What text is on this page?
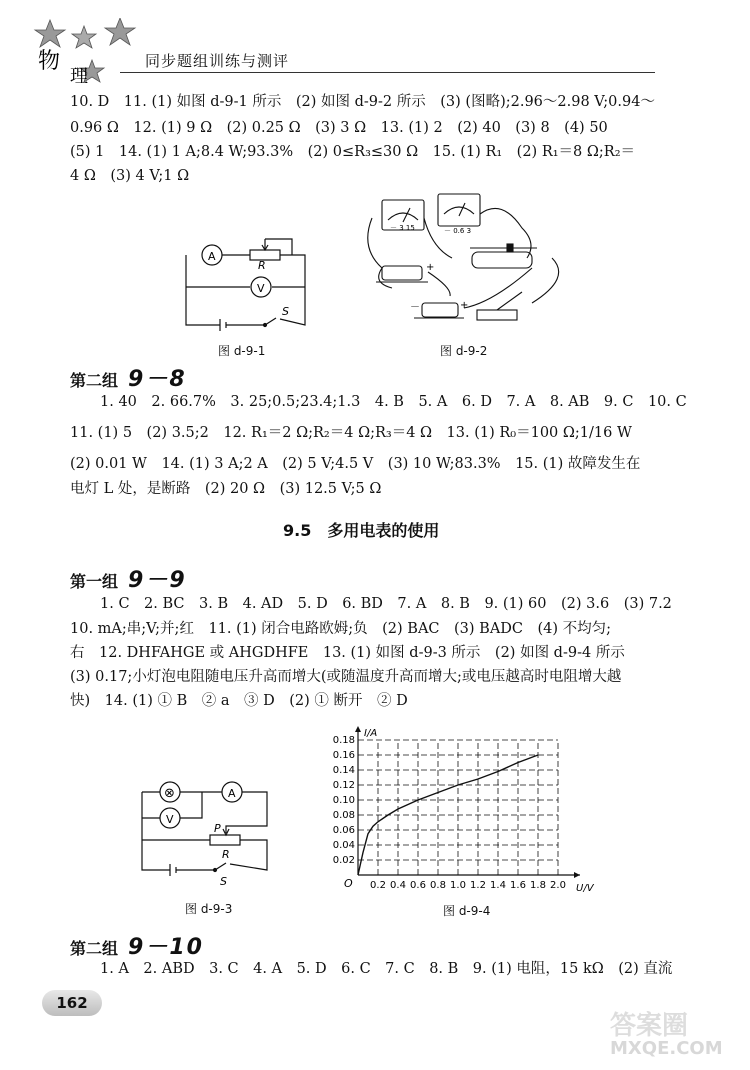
物
理
同步题组训练与测评
10. D　11. (1) 如图 d-9-1 所示　(2) 如图 d-9-2 所示　(3) (图略);2.96～2.98 V;0.94～
0.96 Ω　12. (1) 9 Ω　(2) 0.25 Ω　(3) 3 Ω　13. (1) 2　(2) 40　(3) 8　(4) 50
(5) 1　14. (1) 1 A;8.4 W;93.3%　(2) 0≤R₃≤30 Ω　15. (1) R₁　(2) R₁＝8 Ω;R₂＝
4 Ω　(3) 4 V;1 Ω
A
V
R
S
图 d-9-1
－ 3 15	－ 0.6 3
+
+
－
图 d-9-2
第二组 9－8
1. 40　2. 66.7%　3. 25;0.5;23.4;1.3　4. B　5. A　6. D　7. A　8. AB　9. C　10. C
11. (1) 5　(2) 3.5;2　12. R₁＝2 Ω;R₂＝4 Ω;R₃＝4 Ω　13. (1) R₀＝100 Ω;1/16 W
(2) 0.01 W　14. (1) 3 A;2 A　(2) 5 V;4.5 V　(3) 10 W;83.3%　15. (1) 故障发生在
电灯 L 处，是断路　(2) 20 Ω　(3) 12.5 V;5 Ω
9.5　多用电表的使用
第一组 9－9
1. C　2. BC　3. B　4. AD　5. D　6. BD　7. A　8. B　9. (1) 60　(2) 3.6　(3) 7.2
10. mA;串;V;并;红　11. (1) 闭合电路欧姆;负　(2) BAC　(3) BADC　(4) 不均匀;
右　12. DHFAHGE 或 AHGDHFE　13. (1) 如图 d-9-3 所示　(2) 如图 d-9-4 所示
(3) 0.17;小灯泡电阻随电压升高而增大(或随温度升高而增大;或电压越高时电阻增大越
快)　14. (1) ① B　② a　③ D　(2) ① 断开　② D
⊗	A
V
P
R
S
图 d-9-3
0.2 0.4 0.6 0.8 1.0 1.2 1.4 1.6 1.8 2.0
0.02
0.04
0.06
0.08
0.10
0.12
0.14
0.16
0.18
O	U/V
I/A
图 d-9-4
第二组 9－10
1. A　2. ABD　3. C　4. A　5. D　6. C　7. C　8. B　9. (1) 电阻，15 kΩ　(2) 直流
162
答案圈
MXQE.COM
